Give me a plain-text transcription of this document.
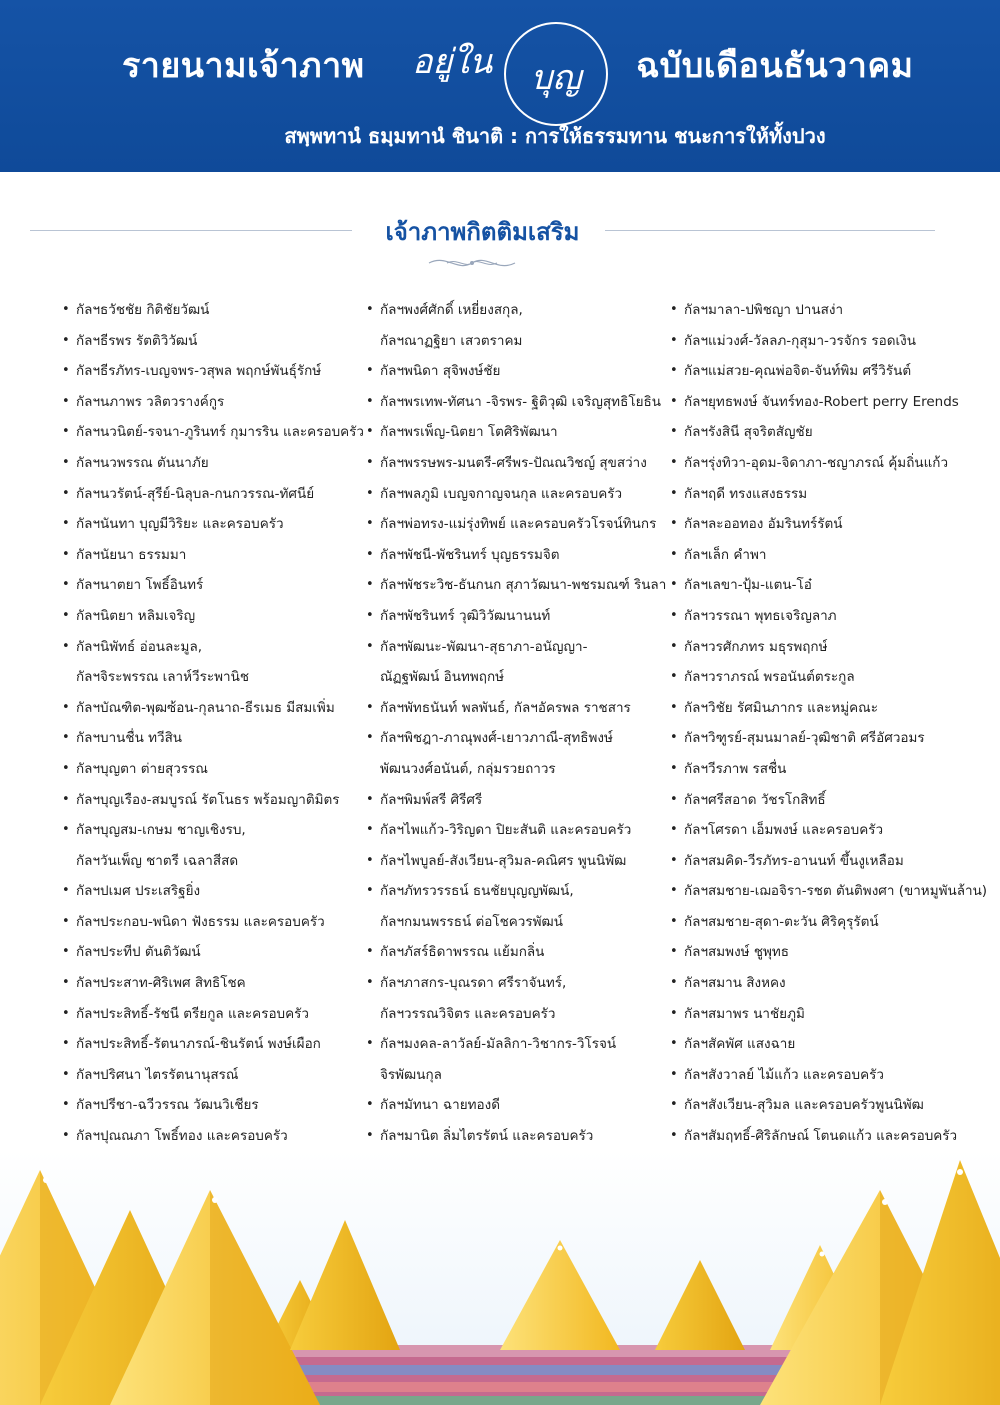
รายนามเจ้าภาพ อยู่ใน	บุญ	ฉบับเดือนธันวาคม
สพฺพทานํ ธมฺมทานํ ชินาติ : การให้ธรรมทาน ชนะการให้ทั้งปวง
เจ้าภาพกิตติมเสริม
• กัลฯธวัชชัย กิติชัยวัฒน์
• กัลฯธีรพร รัตติวิวัฒน์
• กัลฯธีรภัทร-เบญจพร-วสุพล พฤกษ์พันธุ์รักษ์
• กัลฯนภาพร วลิตวรางค์กูร
• กัลฯนวนิตย์-รจนา-ภูรินทร์ กุมารริน และครอบครัว
• กัลฯนวพรรณ ตันนาภัย
• กัลฯนวรัตน์-สุรีย์-นิลุบล-กนกวรรณ-ทัศนีย์
• กัลฯนันทา บุญมีวิริยะ และครอบครัว
• กัลฯนัยนา ธรรมมา
• กัลฯนาตยา โพธิ์อินทร์
• กัลฯนิตยา หลิมเจริญ
• กัลฯนิพัทธ์ อ่อนละมูล,
กัลฯจิระพรรณ เลาห์วีระพานิช
• กัลฯบัณฑิต-พุฒซ้อน-กุลนาถ-ธีรเมธ มีสมเพิ่ม
• กัลฯบานชื่น ทวีสิน
• กัลฯบุญตา ต่ายสุวรรณ
• กัลฯบุญเรือง-สมบูรณ์ รัตโนธร พร้อมญาติมิตร
• กัลฯบุญสม-เกษม ชาญเชิงรบ,
กัลฯวันเพ็ญ ชาตรี เฉลาสีสด
• กัลฯปเมศ ประเสริฐยิ่ง
• กัลฯประกอบ-พนิดา ฟังธรรม และครอบครัว
• กัลฯประทีป ตันติวัฒน์
• กัลฯประสาท-ศิริเพศ สิทธิโชค
• กัลฯประสิทธิ์-รัชนี ตรียกูล และครอบครัว
• กัลฯประสิทธิ์-รัตนาภรณ์-ชินรัตน์ พงษ์เผือก
• กัลฯปริศนา ไตรรัตนานุสรณ์
• กัลฯปรีชา-ฉวีวรรณ วัฒนวิเชียร
• กัลฯปุณณภา โพธิ์ทอง และครอบครัว
• กัลฯพงศ์ศักดิ์ เหยี่ยงสกุล,
กัลฯณาฏฐิยา เสวตราคม
• กัลฯพนิดา สุจิพงษ์ชัย
• กัลฯพรเทพ-ทัศนา -จิรพร- ฐิติวุฒิ เจริญสุทธิโยธิน
• กัลฯพรเพ็ญ-นิตยา โตศิริพัฒนา
• กัลฯพรรษพร-มนตรี-ศรีพร-ปัณณวิชญ์ สุขสว่าง
• กัลฯพลภูมิ เบญจกาญจนกุล และครอบครัว
• กัลฯพ่อทรง-แม่รุ่งทิพย์ และครอบครัวโรจน์ทินกร
• กัลฯพัชนี-พัชรินทร์ บุญธรรมจิต
• กัลฯพัชระวิช-ธันกนก สุภาวัฒนา-พชรมณฑ์ รินลา
• กัลฯพัชรินทร์ วุฒิวิวัฒนานนท์
• กัลฯพัฒนะ-พัฒนา-สุธาภา-อนัญญา-
ณัฏฐพัฒน์ อินทพฤกษ์
• กัลฯพัทธนันท์ พลพันธ์, กัลฯอัครพล ราชสาร
• กัลฯพิชฎา-ภาณุพงศ์-เยาวภาณี-สุทธิพงษ์
พัฒนวงศ์อนันต์, กลุ่มรวยถาวร
• กัลฯพิมพ์สรี ศิรีศรี
• กัลฯไพแก้ว-วิริญดา ปิยะสันติ และครอบครัว
• กัลฯไพบูลย์-สังเวียน-สุวิมล-คณิศร พูนนิพัฒ
• กัลฯภัทรวรรธน์ ธนชัยบุญญพัฒน์,
กัลฯกมนพรรธน์ ต่อโชควรพัฒน์
• กัลฯภัสร์ธิดาพรรณ แย้มกลิ่น
• กัลฯภาสกร-บุณรดา ศรีราจันทร์,
กัลฯวรรณวิจิตร และครอบครัว
• กัลฯมงคล-ลาวัลย์-มัลลิกา-วิชากร-วิโรจน์
จิรพัฒนกุล
• กัลฯมัทนา ฉายทองดี
• กัลฯมานิต ลิ่มไตรรัตน์ และครอบครัว
• กัลฯมาลา-ปพิชญา ปานสง่า
• กัลฯแม่วงศ์-วัลลภ-กุสุมา-วรจักร รอดเงิน
• กัลฯแม่สวย-คุณพ่อจิต-จันท์พิม ศรีวิรันต์
• กัลฯยุทธพงษ์ จันทร์ทอง-Robert perry Erends
• กัลฯรังสินี สุจริตสัญชัย
• กัลฯรุ่งทิวา-อุดม-จิดาภา-ชญาภรณ์ คุ้มถิ่นแก้ว
• กัลฯฤดี ทรงแสงธรรม
• กัลฯละออทอง อัมรินทร์รัตน์
• กัลฯเล็ก คำพา
• กัลฯเลขา-ปุ้ม-แตน-โอ๋
• กัลฯวรรณา พุทธเจริญลาภ
• กัลฯวรศักภทร มธุรพฤกษ์
• กัลฯวราภรณ์ พรอนันต์ตระกูล
• กัลฯวิชัย รัศมินภากร และหมู่คณะ
• กัลฯวิฑูรย์-สุมนมาลย์-วุฒิชาติ ศรีอัศวอมร
• กัลฯวีรภาพ รสชื่น
• กัลฯศรีสอาด วัชรโกสิทธิ์
• กัลฯโศรดา เอ็มพงษ์ และครอบครัว
• กัลฯสมคิด-วีรภัทร-อานนท์ ขึ้นงูเหลือม
• กัลฯสมชาย-เฌอจิรา-รชต ตันติพงศา (ขาหมูพันล้าน)
• กัลฯสมชาย-สุดา-ตะวัน ศิริคุรุรัตน์
• กัลฯสมพงษ์ ชูพุทธ
• กัลฯสมาน สิงหคง
• กัลฯสมาพร นาชัยภูมิ
• กัลฯสัคพัศ แสงฉาย
• กัลฯสังวาลย์ ไม้แก้ว และครอบครัว
• กัลฯสังเวียน-สุวิมล และครอบครัวพูนนิพัฒ
• กัลฯสัมฤทธิ์-ศิริลักษณ์ โตนดแก้ว และครอบครัว
